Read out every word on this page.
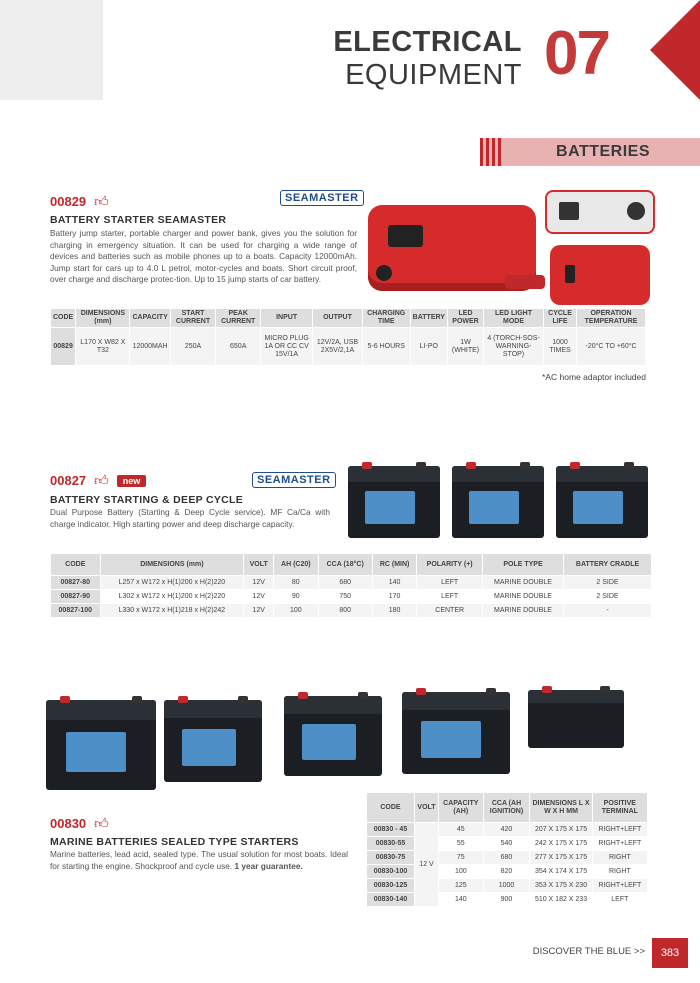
ELECTRICAL
EQUIPMENT 07
BATTERIES
00829 👍︎	SEAMASTER
BATTERY STARTER SEAMASTER
Battery jump starter, portable charger and power bank, gives you the solution for charging in emergency situation. It can be used for charging a wide range of devices and batteries such as mobile phones up to a boats. Capacity 12000mAh. Jump start for cars up to 4.0 L petrol, motor-cycles and boats. Short circuit proof, over charge and discharge protec-tion. Up to 15 jump starts of car battery.
CODE	DIMENSIONS (mm)	CAPACITY	START CURRENT	PEAK CURRENT	INPUT	OUTPUT	CHARGING TIME	BATTERY	LED POWER	LED LIGHT MODE	CYCLE LIFE	OPERATION TEMPERATURE
00829	L170 X W82 X T32	12000MAH	250A	650A	MICRO PLUG 1A OR CC CV 15V/1A	12V/2A, USB 2X5V/2,1A	5-6 HOURS	LI-PO	1W (WHITE)	4 (TORCH-SOS-WARNING-STOP)	1000 TIMES	-20°C TO +60°C
*AC home adaptor included
00827 👍︎	new	SEAMASTER
BATTERY STARTING & DEEP CYCLE
Dual Purpose Battery (Starting & Deep Cycle service). MF Ca/Ca with charge indicator. High starting power and deep discharge capacity.
CODE	DIMENSIONS (mm)	VOLT	AH (C20)	CCA (18°C)	RC (MIN)	POLARITY (+)	POLE TYPE	BATTERY CRADLE
00827-80	L257 x W172 x H(1)200 x H(2)220	12V	80	680	140	LEFT	MARINE DOUBLE	2 SIDE
00827-90	L302 x W172 x H(1)200 x H(2)220	12V	90	750	170	LEFT	MARINE DOUBLE	2 SIDE
00827-100	L330 x W172 x H(1)218 x H(2)242	12V	100	800	180	CENTER	MARINE DOUBLE	-
00830 👍︎
MARINE BATTERIES SEALED TYPE STARTERS
Marine batteries, lead acid, sealed type. The usual solution for most boats. Ideal for starting the engine. Shockproof and cycle use. 1 year guarantee.
CODE	VOLT	CAPACITY (AH)	CCA (AH IGNITION)	DIMENSIONS L X W X H MM	POSITIVE TERMINAL
00830 - 45	12 V	45	420	207 X 175 X 175	RIGHT+LEFT
00830-55		55	540	242 X 175 X 175	RIGHT+LEFT
00830-75		75	680	277 X 175 X 175	RIGHT
00830-100		100	820	354 X 174 X 175	RIGHT
00830-125		125	1000	353 X 175 X 230	RIGHT+LEFT
00830-140		140	900	510 X 182 X 233	LEFT
DISCOVER THE BLUE >>	383
